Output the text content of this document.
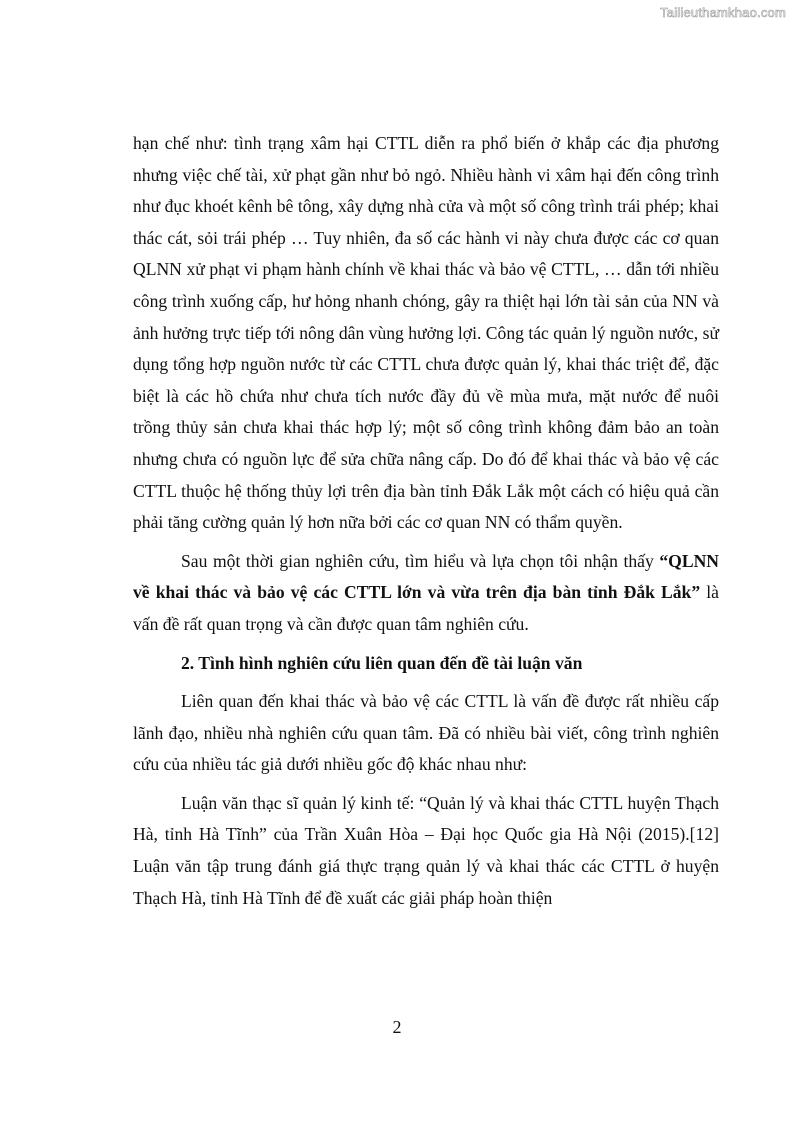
Tailieuthamkhao.com

hạn chế như: tình trạng xâm hại CTTL diễn ra phổ biến ở khắp các địa phương nhưng việc chế tài, xử phạt gần như bỏ ngỏ. Nhiều hành vi xâm hại đến công trình như đục khoét kênh bê tông, xây dựng nhà cửa và một số công trình trái phép; khai thác cát, sỏi trái phép … Tuy nhiên, đa số các hành vi này chưa được các cơ quan QLNN xử phạt vi phạm hành chính về khai thác và bảo vệ CTTL, … dẫn tới nhiều công trình xuống cấp, hư hỏng nhanh chóng, gây ra thiệt hại lớn tài sản của NN và ảnh hưởng trực tiếp tới nông dân vùng hưởng lợi. Công tác quản lý nguồn nước, sử dụng tổng hợp nguồn nước từ các CTTL chưa được quản lý, khai thác triệt để, đặc biệt là các hồ chứa như chưa tích nước đầy đủ về mùa mưa, mặt nước để nuôi trồng thủy sản chưa khai thác hợp lý; một số công trình không đảm bảo an toàn nhưng chưa có nguồn lực để sửa chữa nâng cấp. Do đó để khai thác và bảo vệ các CTTL thuộc hệ thống thủy lợi trên địa bàn tỉnh Đắk Lắk một cách có hiệu quả cần phải tăng cường quản lý hơn nữa bởi các cơ quan NN có thẩm quyền.

Sau một thời gian nghiên cứu, tìm hiểu và lựa chọn tôi nhận thấy “QLNN về khai thác và bảo vệ các CTTL lớn và vừa trên địa bàn tỉnh Đắk Lắk” là vấn đề rất quan trọng và cần được quan tâm nghiên cứu.

2. Tình hình nghiên cứu liên quan đến đề tài luận văn

Liên quan đến khai thác và bảo vệ các CTTL là vấn đề được rất nhiều cấp lãnh đạo, nhiều nhà nghiên cứu quan tâm. Đã có nhiều bài viết, công trình nghiên cứu của nhiều tác giả dưới nhiều gốc độ khác nhau như:

Luận văn thạc sĩ quản lý kinh tế: “Quản lý và khai thác CTTL huyện Thạch Hà, tỉnh Hà Tĩnh” của Trần Xuân Hòa – Đại học Quốc gia Hà Nội (2015).[12] Luận văn tập trung đánh giá thực trạng quản lý và khai thác các CTTL ở huyện Thạch Hà, tỉnh Hà Tĩnh để đề xuất các giải pháp hoàn thiện

2
